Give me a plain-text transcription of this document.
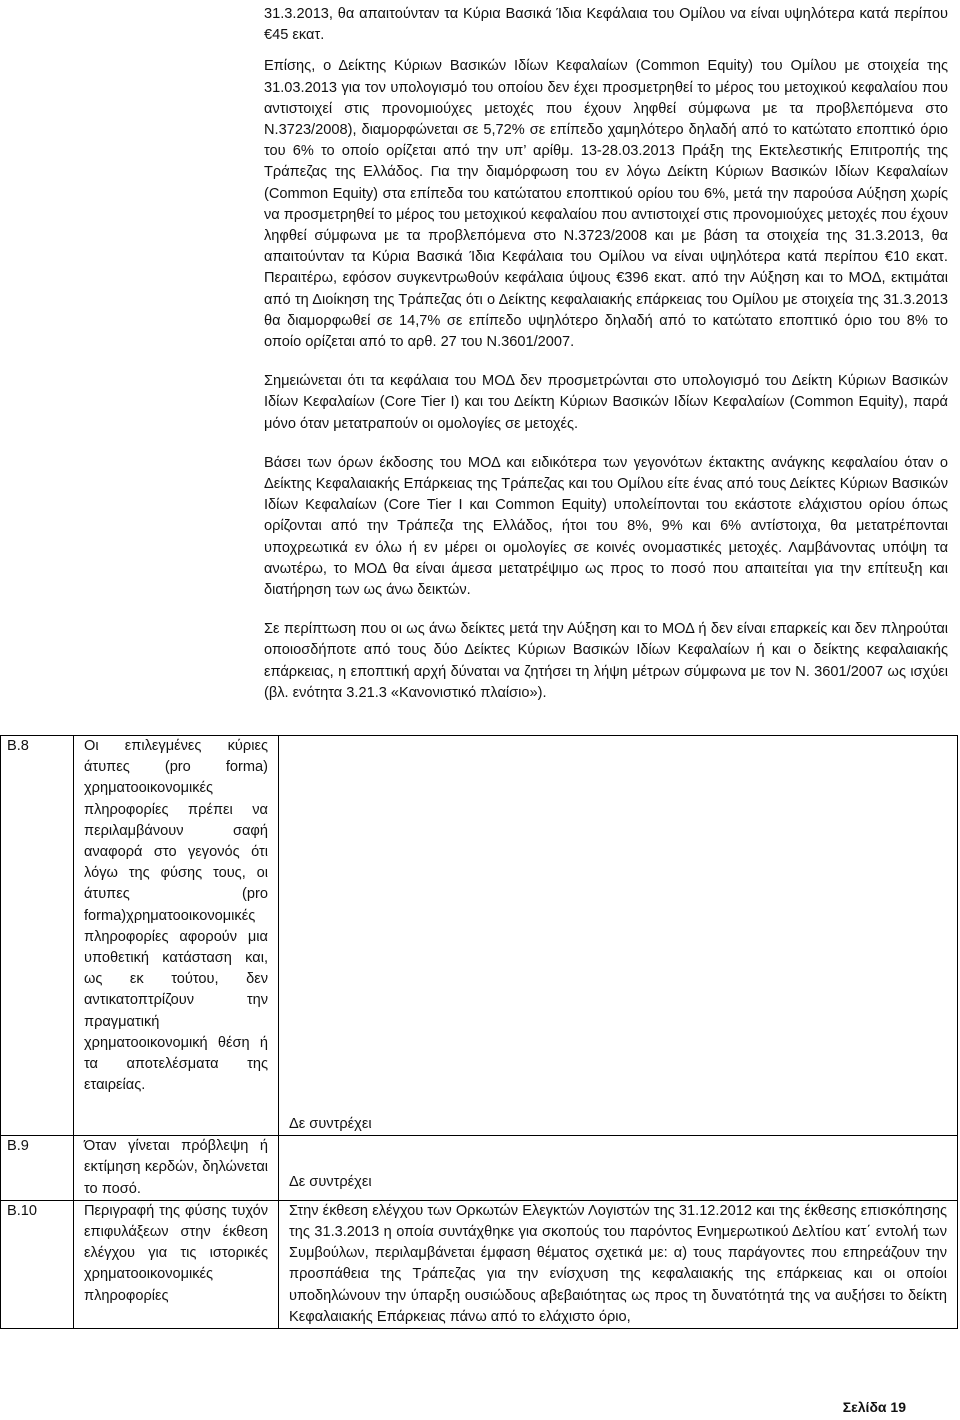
31.3.2013, θα απαιτούνταν τα Κύρια Βασικά Ίδια Κεφάλαια του Ομίλου να είναι υψηλότερα κατά περίπου €45 εκατ.

Επίσης, ο Δείκτης Κύριων Βασικών Ιδίων Κεφαλαίων (Common Equity) του Ομίλου με στοιχεία της 31.03.2013 για τον υπολογισμό του οποίου δεν έχει προσμετρηθεί το μέρος του μετοχικού κεφαλαίου που αντιστοιχεί στις προνομιούχες μετοχές που έχουν ληφθεί σύμφωνα με τα προβλεπόμενα στο Ν.3723/2008), διαμορφώνεται σε 5,72% σε επίπεδο χαμηλότερο δηλαδή από το κατώτατο εποπτικό όριο του 6% το οποίο ορίζεται από την υπ’ αρίθμ. 13-28.03.2013 Πράξη της Εκτελεστικής Επιτροπής της Τράπεζας της Ελλάδος. Για την διαμόρφωση του εν λόγω Δείκτη Κύριων Βασικών Ιδίων Κεφαλαίων (Common Equity) στα επίπεδα του κατώτατου εποπτικού ορίου του 6%, μετά την παρούσα Αύξηση χωρίς να προσμετρηθεί το μέρος του μετοχικού κεφαλαίου που αντιστοιχεί στις προνομιούχες μετοχές που έχουν ληφθεί σύμφωνα με τα προβλεπόμενα στο Ν.3723/2008 και με βάση τα στοιχεία της 31.3.2013, θα απαιτούνταν τα Κύρια Βασικά Ίδια Κεφάλαια του Ομίλου να είναι υψηλότερα κατά περίπου €10 εκατ. Περαιτέρω, εφόσον συγκεντρωθούν κεφάλαια ύψους €396 εκατ. από την Αύξηση και το ΜΟΔ, εκτιμάται από τη Διοίκηση της Τράπεζας ότι ο Δείκτης κεφαλαιακής επάρκειας του Ομίλου με στοιχεία της 31.3.2013 θα διαμορφωθεί σε 14,7% σε επίπεδο υψηλότερο δηλαδή από το κατώτατο εποπτικό όριο του 8% το οποίο ορίζεται από το αρθ. 27 του Ν.3601/2007.

Σημειώνεται ότι τα κεφάλαια του ΜΟΔ δεν προσμετρώνται στο υπολογισμό του Δείκτη Κύριων Βασικών Ιδίων Κεφαλαίων (Core Tier I) και του Δείκτη Κύριων Βασικών Ιδίων Κεφαλαίων (Common Equity), παρά μόνο όταν μετατραπούν οι ομολογίες σε μετοχές.

Βάσει των όρων έκδοσης του ΜΟΔ και ειδικότερα των γεγονότων έκτακτης ανάγκης κεφαλαίου όταν ο Δείκτης Κεφαλαιακής Επάρκειας της Τράπεζας και του Ομίλου είτε ένας από τους Δείκτες Κύριων Βασικών Ιδίων Κεφαλαίων (Core Tier I και Common Equity) υπολείπονται του εκάστοτε ελάχιστου ορίου όπως ορίζονται από την Τράπεζα της Ελλάδος, ήτοι του 8%, 9% και 6% αντίστοιχα, θα μετατρέπονται υποχρεωτικά εν όλω ή εν μέρει οι ομολογίες σε κοινές ονομαστικές μετοχές. Λαμβάνοντας υπόψη τα ανωτέρω, το ΜΟΔ θα είναι άμεσα μετατρέψιμο ως προς το ποσό που απαιτείται για την επίτευξη και διατήρηση των ως άνω δεικτών.

Σε περίπτωση που οι ως άνω δείκτες μετά την Αύξηση και το ΜΟΔ ή δεν είναι επαρκείς και δεν πληρούται οποιοσδήποτε από τους δύο Δείκτες Κύριων Βασικών Ιδίων Κεφαλαίων ή και ο δείκτης κεφαλαιακής επάρκειας, η εποπτική αρχή δύναται να ζητήσει τη λήψη μέτρων σύμφωνα με τον Ν. 3601/2007 ως ισχύει (βλ. ενότητα 3.21.3 «Κανονιστικό πλαίσιο»).

B.8	Οι επιλεγμένες κύριες άτυπες (pro forma) χρηματοοικονομικές πληροφορίες πρέπει να περιλαμβάνουν σαφή αναφορά στο γεγονός ότι λόγω της φύσης τους, οι άτυπες (pro forma)χρηματοοικονομικές πληροφορίες αφορούν μια υποθετική κατάσταση και, ως εκ τούτου, δεν αντικατοπτρίζουν την πραγματική χρηματοοικονομική θέση ή τα αποτελέσματα της εταιρείας.	Δε συντρέχει

B.9	Όταν γίνεται πρόβλεψη ή εκτίμηση κερδών, δηλώνεται το ποσό.	Δε συντρέχει

B.10	Περιγραφή της φύσης τυχόν επιφυλάξεων στην έκθεση ελέγχου για τις ιστορικές χρηματοοικονομικές πληροφορίες	Στην έκθεση ελέγχου των Ορκωτών Ελεγκτών Λογιστών της 31.12.2012 και της έκθεσης επισκόπησης της 31.3.2013 η οποία συντάχθηκε για σκοπούς του παρόντος Ενημερωτικού Δελτίου κατ΄ εντολή των Συμβούλων, περιλαμβάνεται έμφαση θέματος σχετικά με: α) τους παράγοντες που επηρεάζουν την προσπάθεια της Τράπεζας για την ενίσχυση της κεφαλαιακής της επάρκειας και οι οποίοι υποδηλώνουν την ύπαρξη ουσιώδους αβεβαιότητας ως προς τη δυνατότητά της να αυξήσει το δείκτη Κεφαλαιακής Επάρκειας πάνω από το ελάχιστο όριο,
Σελίδα 19
